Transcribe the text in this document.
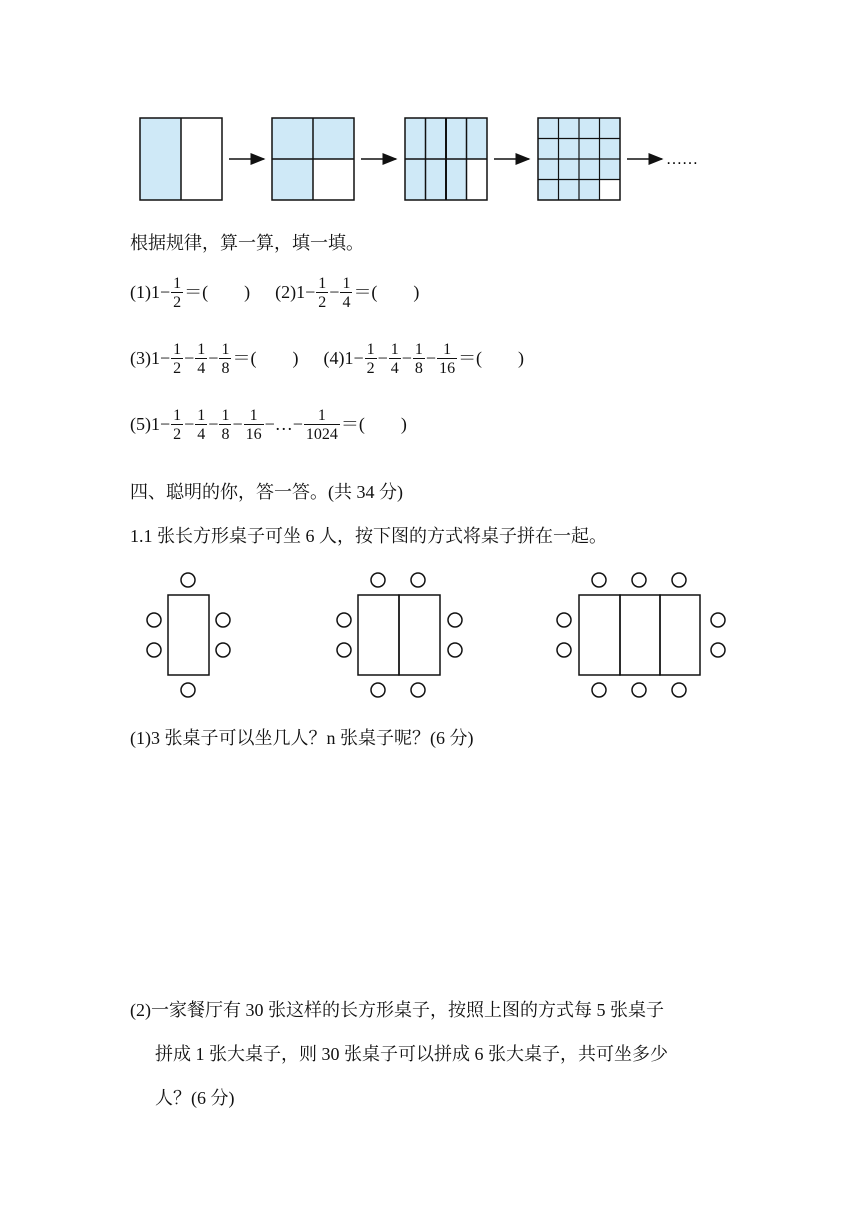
……
根据规律，算一算，填一填。
$(1)1- \frac{1}{2}$ ＝(　　) $(2)1- \frac{1}{2} - \frac{1}{4}$ ＝(　　)
$(3)1- \frac{1}{2} - \frac{1}{4} - \frac{1}{8}$ ＝(　　) $(4)1- \frac{1}{2} - \frac{1}{4} - \frac{1}{8} - \frac{1}{16}$ ＝(　　)
$(5)1- \frac{1}{2} - \frac{1}{4} - \frac{1}{8} - \frac{1}{16}$ −…− $\frac{1}{1024}$ ＝(　　)
四、聪明的你，答一答。(共 34 分)
1.1 张长方形桌子可坐 6 人，按下图的方式将桌子拼在一起。
(1)3 张桌子可以坐几人？n 张桌子呢？(6 分)
(2)一家餐厅有 30 张这样的长方形桌子，按照上图的方式每 5 张桌子
拼成 1 张大桌子，则 30 张桌子可以拼成 6 张大桌子，共可坐多少
人？(6 分)
